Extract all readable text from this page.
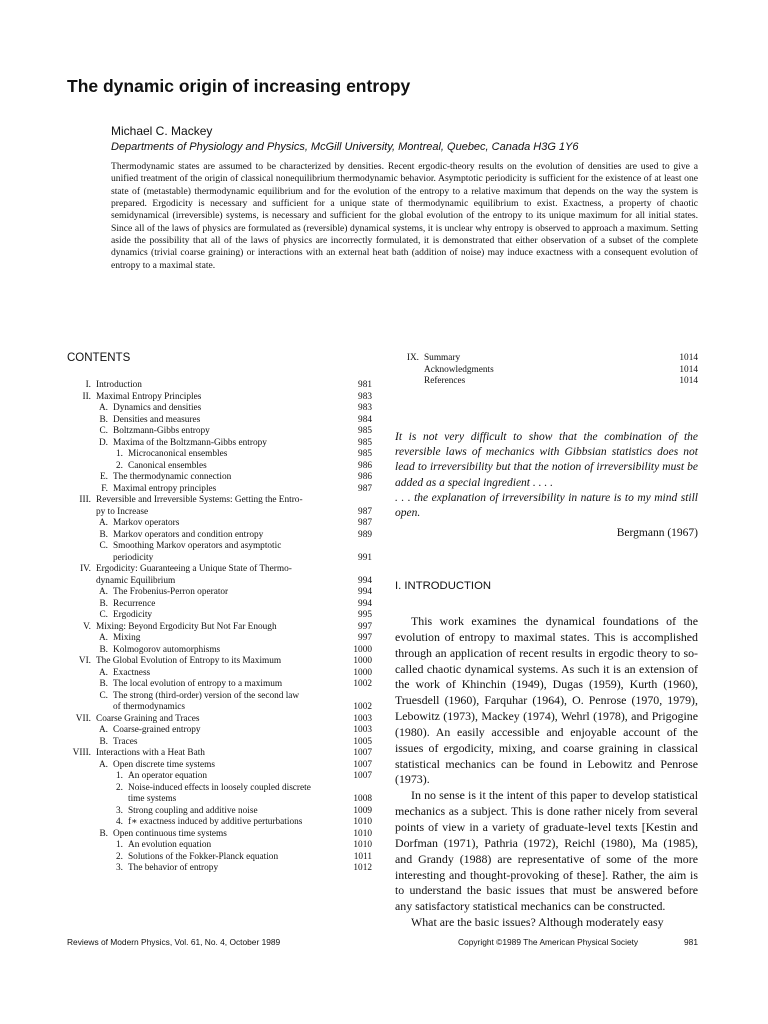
The dynamic origin of increasing entropy
Michael C. Mackey
Departments of Physiology and Physics, McGill University, Montreal, Quebec, Canada H3G 1Y6
Thermodynamic states are assumed to be characterized by densities. Recent ergodic-theory results on the evolution of densities are used to give a unified treatment of the origin of classical nonequilibrium thermodynamic behavior. Asymptotic periodicity is sufficient for the existence of at least one state of (metastable) thermodynamic equilibrium and for the evolution of the entropy to a relative maximum that depends on the way the system is prepared. Ergodicity is necessary and sufficient for a unique state of thermodynamic equilibrium to exist. Exactness, a property of chaotic semidynamical (irreversible) systems, is necessary and sufficient for the global evolution of the entropy to its unique maximum for all initial states. Since all of the laws of physics are formulated as (reversible) dynamical systems, it is unclear why entropy is observed to approach a maximum. Setting aside the possibility that all of the laws of physics are incorrectly formulated, it is demonstrated that either observation of a subset of the complete dynamics (trivial coarse graining) or interactions with an external heat bath (addition of noise) may induce exactness with a consequent evolution of entropy to a maximal state.
CONTENTS
I. Introduction	981
II. Maximal Entropy Principles	983
A. Dynamics and densities	983
B. Densities and measures	984
C. Boltzmann-Gibbs entropy	985
D. Maxima of the Boltzmann-Gibbs entropy	985
1. Microcanonical ensembles	985
2. Canonical ensembles	986
E. The thermodynamic connection	986
F. Maximal entropy principles	987
III. Reversible and Irreversible Systems: Getting the Entro-
py to Increase	987
A. Markov operators	987
B. Markov operators and condition entropy	989
C. Smoothing Markov operators and asymptotic
periodicity	991
IV. Ergodicity: Guaranteeing a Unique State of Thermo-
dynamic Equilibrium	994
A. The Frobenius-Perron operator	994
B. Recurrence	994
C. Ergodicity	995
V. Mixing: Beyond Ergodicity But Not Far Enough	997
A. Mixing	997
B. Kolmogorov automorphisms	1000
VI. The Global Evolution of Entropy to its Maximum	1000
A. Exactness	1000
B. The local evolution of entropy to a maximum	1002
C. The strong (third-order) version of the second law
of thermodynamics	1002
VII. Coarse Graining and Traces	1003
A. Coarse-grained entropy	1003
B. Traces	1005
VIII. Interactions with a Heat Bath	1007
A. Open discrete time systems	1007
1. An operator equation	1007
2. Noise-induced effects in loosely coupled discrete
time systems	1008
3. Strong coupling and additive noise	1009
4. f∗ exactness induced by additive perturbations	1010
B. Open continuous time systems	1010
1. An evolution equation	1010
2. Solutions of the Fokker-Planck equation	1011
3. The behavior of entropy	1012
IX. Summary	1014
Acknowledgments	1014
References	1014
It is not very difficult to show that the combination of the reversible laws of mechanics with Gibbsian statistics does not lead to irreversibility but that the notion of irreversibility must be added as a special ingredient . . . .
. . . the explanation of irreversibility in nature is to my mind still open.
Bergmann (1967)
I. INTRODUCTION

This work examines the dynamical foundations of the evolution of entropy to maximal states. This is accomplished through an application of recent results in ergodic theory to so-called chaotic dynamical systems. As such it is an extension of the work of Khinchin (1949), Dugas (1959), Kurth (1960), Truesdell (1960), Farquhar (1964), O. Penrose (1970, 1979), Lebowitz (1973), Mackey (1974), Wehrl (1978), and Prigogine (1980). An easily accessible and enjoyable account of the issues of ergodicity, mixing, and coarse graining in classical statistical mechanics can be found in Lebowitz and Penrose (1973).

In no sense is it the intent of this paper to develop statistical mechanics as a subject. This is done rather nicely from several points of view in a variety of graduate-level texts [Kestin and Dorfman (1971), Pathria (1972), Reichl (1980), Ma (1985), and Grandy (1988) are representative of some of the more interesting and thought-provoking of these]. Rather, the aim is to understand the basic issues that must be answered before any satisfactory statistical mechanics can be constructed.

What are the basic issues? Although moderately easy

Reviews of Modern Physics, Vol. 61, No. 4, October 1989	Copyright ©1989 The American Physical Society	981
